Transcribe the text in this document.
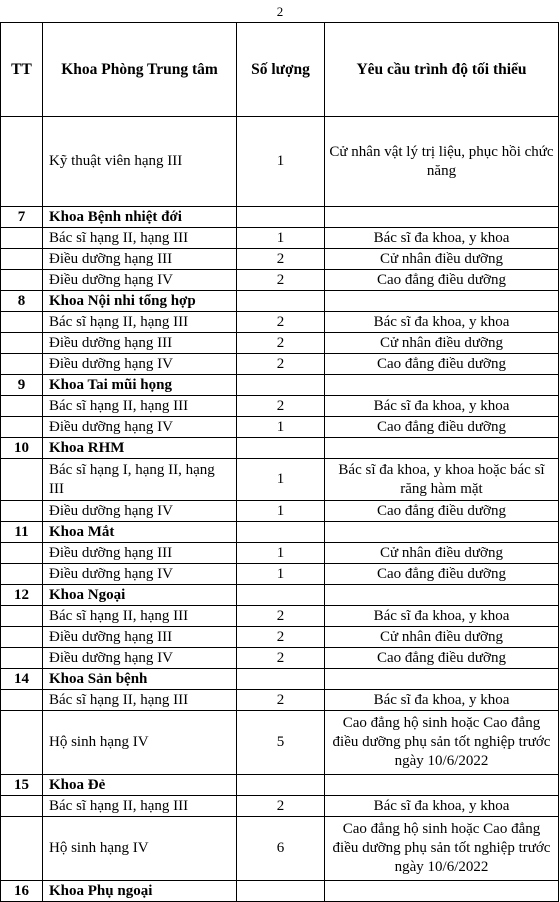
2
TT	Khoa Phòng Trung tâm	Số lượng	Yêu cầu trình độ tối thiểu
	Kỹ thuật viên hạng III	1	Cử nhân vật lý trị liệu, phục hồi chức năng
7	Khoa Bệnh nhiệt đới		
	Bác sĩ hạng II, hạng III	1	Bác sĩ đa khoa, y khoa
	Điều dưỡng hạng III	2	Cử nhân điều dưỡng
	Điều dưỡng hạng IV	2	Cao đẳng điều dưỡng
8	Khoa Nội nhi tổng hợp		
	Bác sĩ hạng II, hạng III	2	Bác sĩ đa khoa, y khoa
	Điều dưỡng hạng III	2	Cử nhân điều dưỡng
	Điều dưỡng hạng IV	2	Cao đẳng điều dưỡng
9	Khoa Tai mũi họng		
	Bác sĩ hạng II, hạng III	2	Bác sĩ đa khoa, y khoa
	Điều dưỡng hạng IV	1	Cao đẳng điều dưỡng
10	Khoa RHM		
	Bác sĩ hạng I, hạng II, hạng III	1	Bác sĩ đa khoa, y khoa hoặc bác sĩ răng hàm mặt
	Điều dưỡng hạng IV	1	Cao đẳng điều dưỡng
11	Khoa Mắt		
	Điều dưỡng hạng III	1	Cử nhân điều dưỡng
	Điều dưỡng hạng IV	1	Cao đẳng điều dưỡng
12	Khoa Ngoại		
	Bác sĩ hạng II, hạng III	2	Bác sĩ đa khoa, y khoa
	Điều dưỡng hạng III	2	Cử nhân điều dưỡng
	Điều dưỡng hạng IV	2	Cao đẳng điều dưỡng
14	Khoa Sản bệnh		
	Bác sĩ hạng II, hạng III	2	Bác sĩ đa khoa, y khoa
	Hộ sinh hạng IV	5	Cao đẳng hộ sinh hoặc Cao đẳng điều dưỡng phụ sản tốt nghiệp trước ngày 10/6/2022
15	Khoa Đẻ		
	Bác sĩ hạng II, hạng III	2	Bác sĩ đa khoa, y khoa
	Hộ sinh hạng IV	6	Cao đẳng hộ sinh hoặc Cao đẳng điều dưỡng phụ sản tốt nghiệp trước ngày 10/6/2022
16	Khoa Phụ ngoại		
